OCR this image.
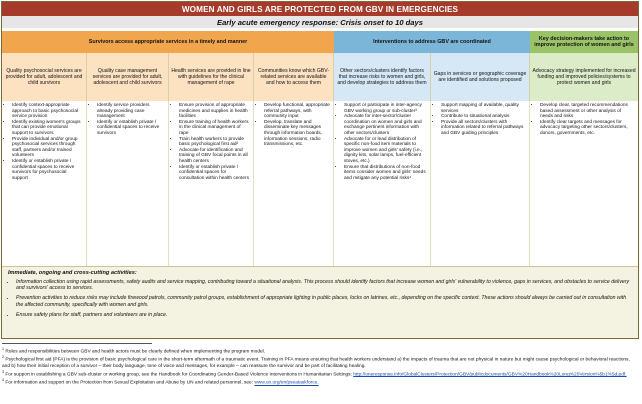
WOMEN AND GIRLS ARE PROTECTED FROM GBV IN EMERGENCIES
Early acute emergency response: Crisis onset to 10 days
Survivors access appropriate services in a timely and manner	Interventions to address GBV are coordinated	Key decision-makers take action to improve protection of women and girls
Quality psychosocial services are provided for adult, adolescent and child survivors
Quality case management services are provided for adult, adolescent and child survivors
Health services are provided in line with guidelines for the clinical management of rape
Communities know which GBV-related services are available and how to access them
Other sectors/clusters identify factors that increase risks to women and girls, and develop strategies to address them
Gaps in services or geographic coverage are identified and solutions proposed
Advocacy strategy implemented for increased funding and improved policies/systems to protect women and girls
• Identify context-appropriate approach to basic psychosocial service provision
• Identify existing women's groups that can provide emotional support to survivors
• Provide individual and/or group psychosocial services through staff, partners and/or trained volunteers
• Identify or establish private / confidential spaces to receive survivors for psychosocial support
• Identify service providers already providing case management
• Identify or establish private / confidential spaces to receive survivors
• Ensure provision of appropriate medicines and supplies in health facilities
• Ensure training of health workers in the clinical management of rape
• Train health workers to provide basic psychological first aid²
• Advocate for identification and training of GBV focal points in all health centers
• Identify or establish private / confidential spaces for consultation within health centers
• Develop functional, appropriate referral pathways, with community input
• Develop, translate and disseminate key messages through information boards, information sessions, radio transmissions, etc.
• Support or participate in inter-agency GBV working group or sub-cluster³
• Advocate for inter-sector/cluster coordination on women and girls and exchange pertinent information with other sectors/clusters
• Advocate for or lead distribution of specific non-food item materials to improve women and girls' safety (i.e., dignity kits, solar lamps, fuel-efficient stoves, etc.)
• Ensure that distributions of non-food items consider women and girls' needs and mitigate any potential risks⁴
• Support mapping of available, quality services
• Contribute to situational analysis
• Provide all sectors/clusters with information related to referral pathways and GBV guiding principles
• Develop clear, targeted recommendations based assessment or other analysis of needs and risks
• Identify clear targets and messages for advocacy targeting other sectors/clusters, donors, governments, etc.
Immediate, ongoing and cross-cutting activities:
• Information collection using rapid assessments, safety audits and service mapping, contributing toward a situational analysis. This process should identify factors that increase women and girls' vulnerability to violence, gaps in services, and obstacles to service delivery and survivors' access to services.
• Prevention activities to reduce risks may include firewood patrols, community patrol groups, establishment of appropriate lighting in public places, locks on latrines, etc., depending on the specific context. These actions should always be carried out in consultation with the affected community, specifically with women and girls.
• Ensure safety plans for staff, partners and volunteers are in place.

$^1$ Roles and responsibilities between GBV and health actors must be clearly defined when implementing the program model.

$^2$ Psychological first aid (PFA) is the provision of basic psychological care in the short-term aftermath of a traumatic event. Training in PFA means ensuring that health workers understand a) the impacts of trauma that are not physical in nature but might cause psychological or behavioral reactions, and b) how their initial reception of a survivor – their body language, tone of voice and messages, for example – can reassure the survivor and be part of facilitating healing.

$^3$ For support in establishing a GBV sub-cluster or working group, see the Handbook for Coordinating Gender-Based Violence Interventions in Humanitarian Settings: http://oneresponse.info/GlobalClusters/Protection/GBV/publicdocuments/GBV%20Handbook%20Long%20Version%5b1%5d.pdf.

$^4$ For information and support on the Protection from Sexual Exploitation and Abuse by UN and related personnel, see: www.un.org/en/pseataskforce.
